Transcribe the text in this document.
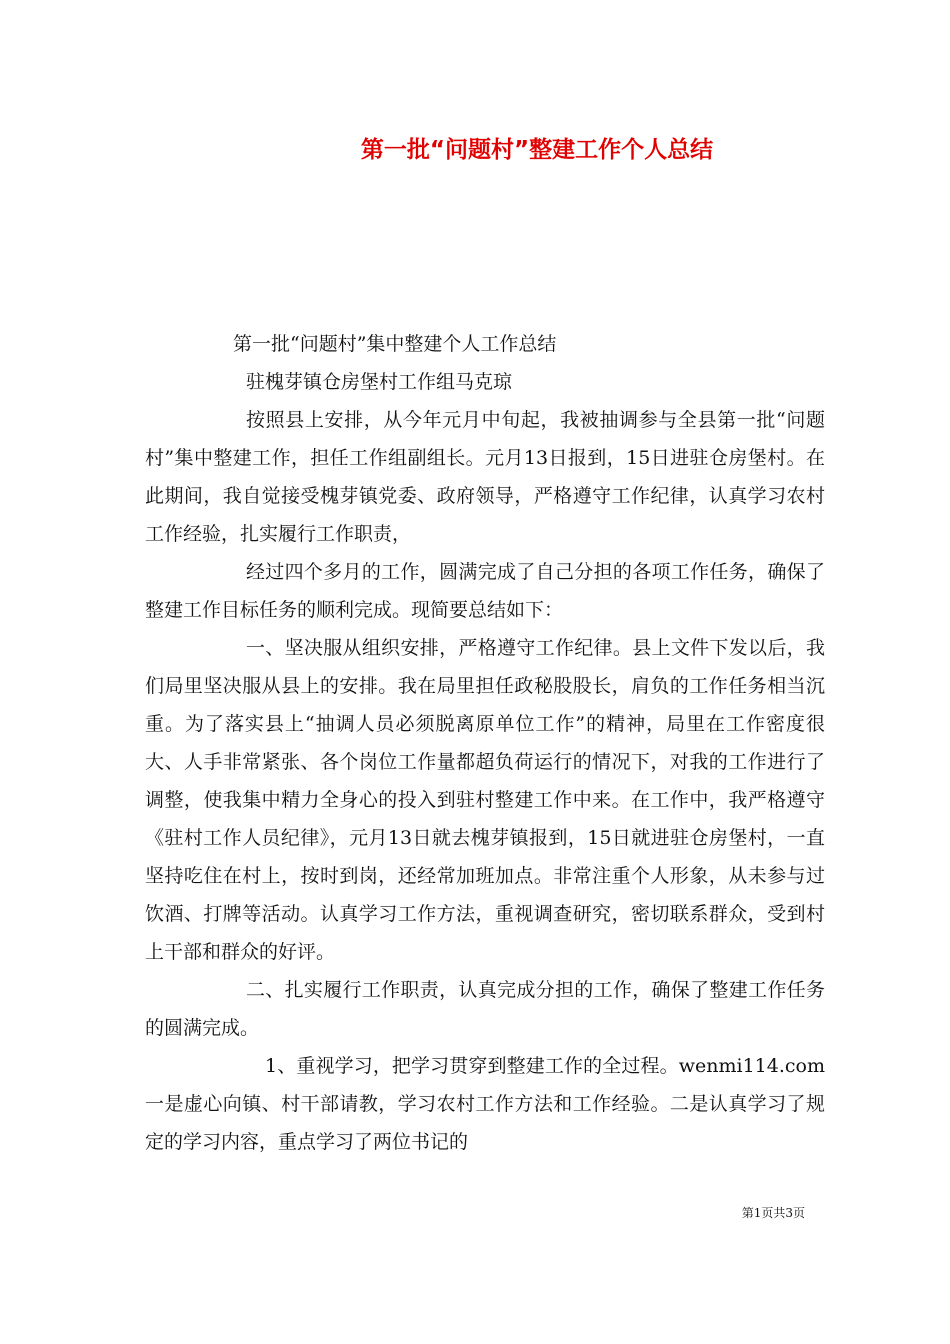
第一批“问题村”整建工作个人总结

第一批“问题村”集中整建个人工作总结

驻槐芽镇仓房堡村工作组马克琼

按照县上安排，从今年元月中旬起，我被抽调参与全县第一批“问题村”集中整建工作，担任工作组副组长。元月13日报到，15日进驻仓房堡村。在此期间，我自觉接受槐芽镇党委、政府领导，严格遵守工作纪律，认真学习农村工作经验，扎实履行工作职责，

经过四个多月的工作，圆满完成了自己分担的各项工作任务，确保了整建工作目标任务的顺利完成。现简要总结如下：

一、坚决服从组织安排，严格遵守工作纪律。县上文件下发以后，我们局里坚决服从县上的安排。我在局里担任政秘股股长，肩负的工作任务相当沉重。为了落实县上“抽调人员必须脱离原单位工作”的精神，局里在工作密度很大、人手非常紧张、各个岗位工作量都超负荷运行的情况下，对我的工作进行了调整，使我集中精力全身心的投入到驻村整建工作中来。在工作中，我严格遵守《驻村工作人员纪律》，元月13日就去槐芽镇报到，15日就进驻仓房堡村，一直坚持吃住在村上，按时到岗，还经常加班加点。非常注重个人形象，从未参与过饮酒、打牌等活动。认真学习工作方法，重视调查研究，密切联系群众，受到村上干部和群众的好评。

二、扎实履行工作职责，认真完成分担的工作，确保了整建工作任务的圆满完成。

1、重视学习，把学习贯穿到整建工作的全过程。wenmi114.com一是虚心向镇、村干部请教，学习农村工作方法和工作经验。二是认真学习了规定的学习内容，重点学习了两位书记的

第1页共3页
